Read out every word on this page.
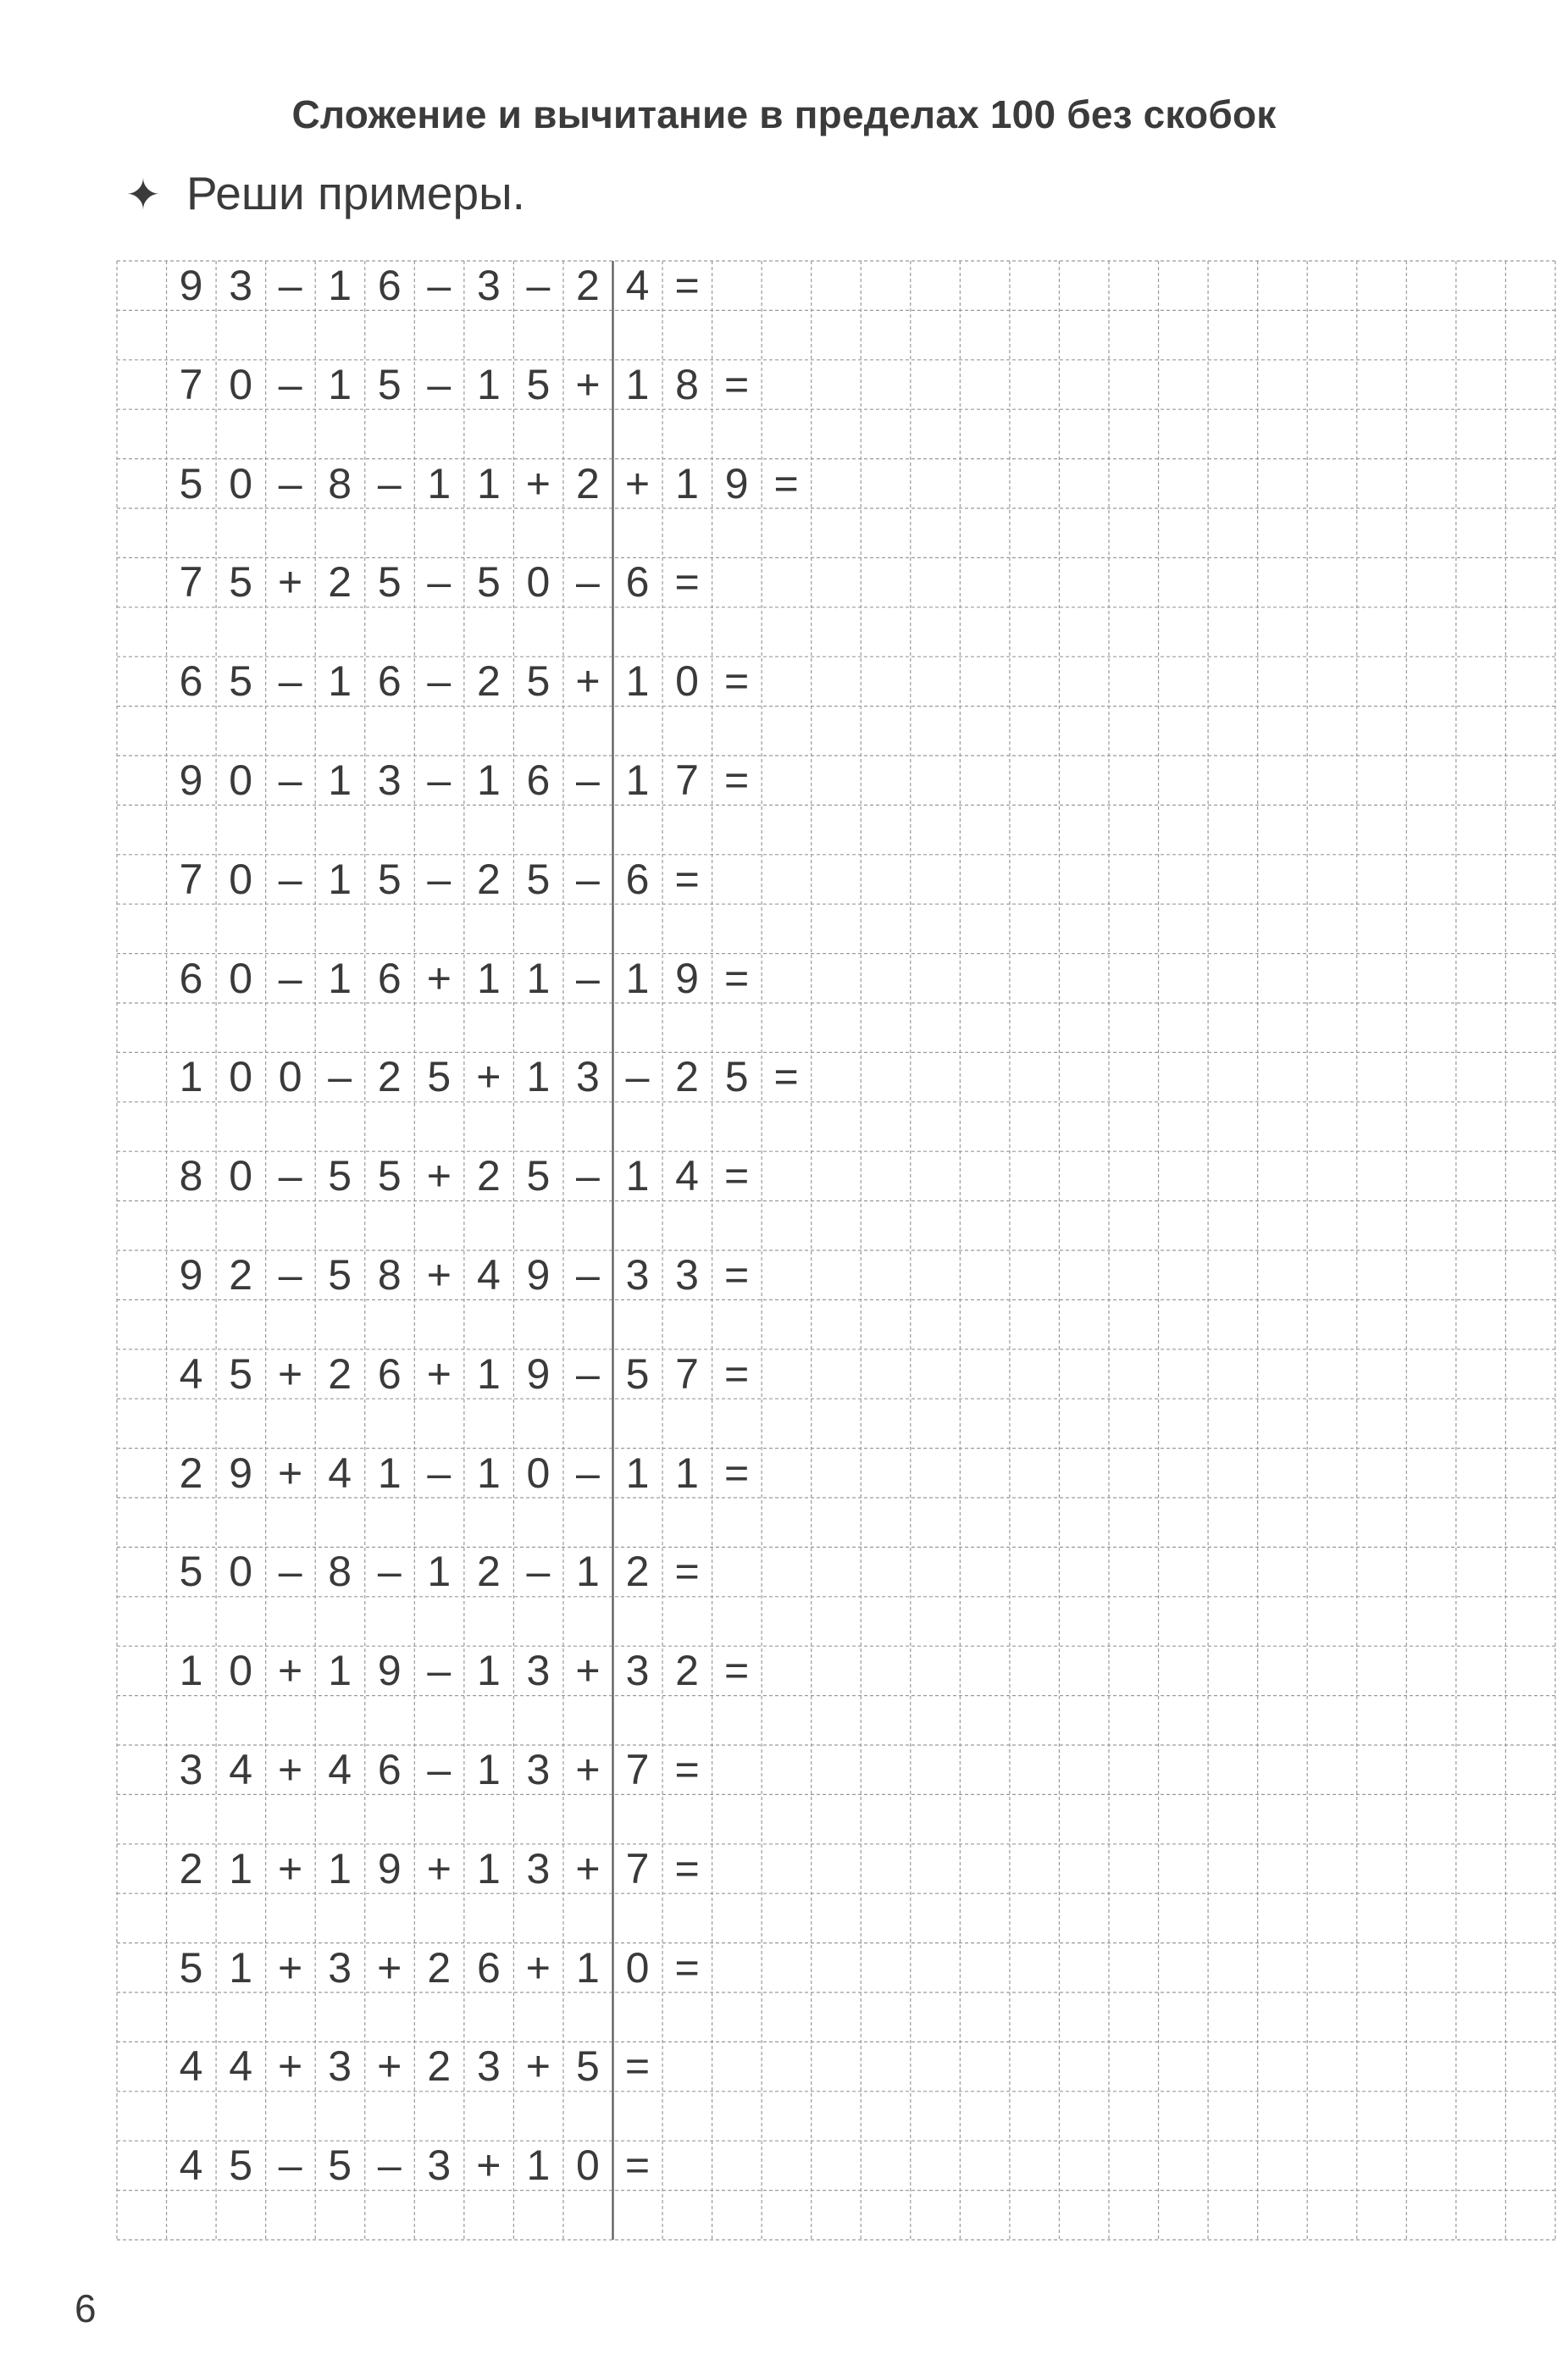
Сложение и вычитание в пределах 100 без скобок
✦ Реши примеры.
9 3 – 1 6 – 3 – 2 4 =
7 0 – 1 5 – 1 5 + 1 8 =
5 0 – 8 – 1 1 + 2 + 1 9 =
7 5 + 2 5 – 5 0 – 6 =
6 5 – 1 6 – 2 5 + 1 0 =
9 0 – 1 3 – 1 6 – 1 7 =
7 0 – 1 5 – 2 5 – 6 =
6 0 – 1 6 + 1 1 – 1 9 =
1 0 0 – 2 5 + 1 3 – 2 5 =
8 0 – 5 5 + 2 5 – 1 4 =
9 2 – 5 8 + 4 9 – 3 3 =
4 5 + 2 6 + 1 9 – 5 7 =
2 9 + 4 1 – 1 0 – 1 1 =
5 0 – 8 – 1 2 – 1 2 =
1 0 + 1 9 – 1 3 + 3 2 =
3 4 + 4 6 – 1 3 + 7 =
2 1 + 1 9 + 1 3 + 7 =
5 1 + 3 + 2 6 + 1 0 =
4 4 + 3 + 2 3 + 5 =
4 5 – 5 – 3 + 1 0 =
6
